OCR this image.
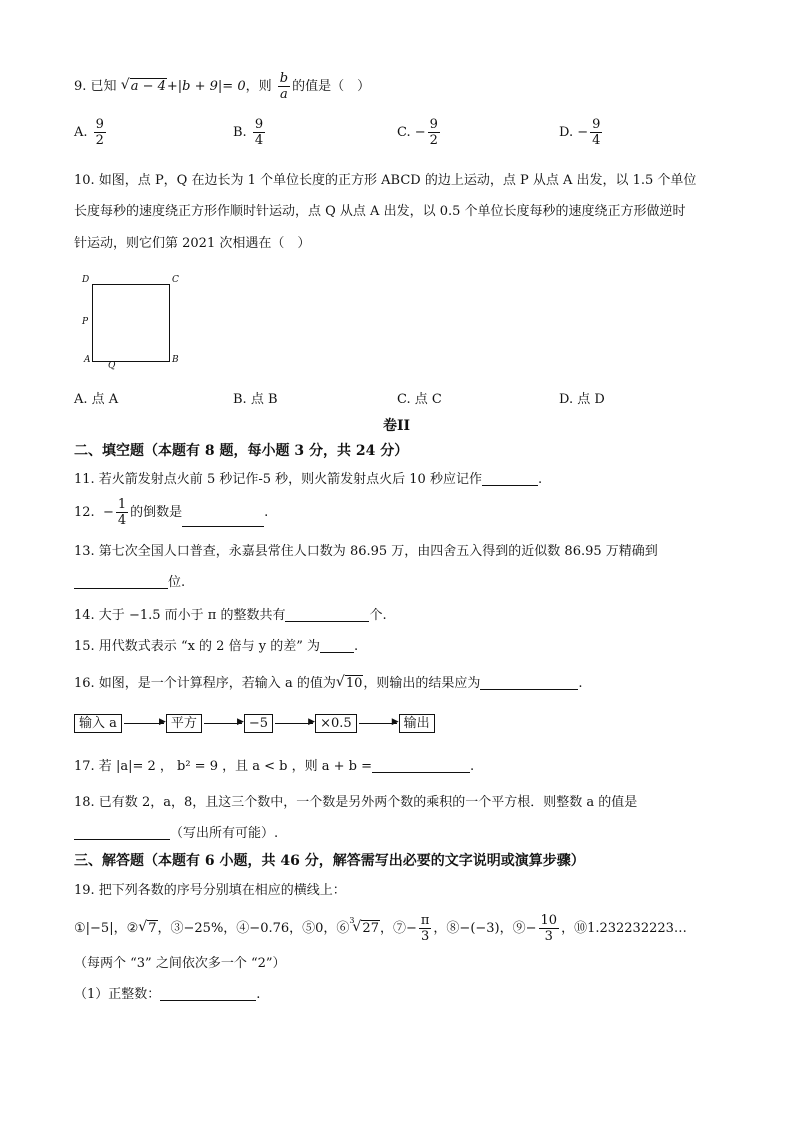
9. 已知 √ a − 4+|b + 9|= 0，则 $\frac{b}{a}$ 的值是（　）
A. $\frac{9}{2}$	B. $\frac{9}{4}$	C. − $\frac{9}{2}$	D. − $\frac{9}{4}$
10. 如图，点 P，Q 在边长为 1 个单位长度的正方形 ABCD 的边上运动，点 P 从点 A 出发，以 1.5 个单位
长度每秒的速度绕正方形作顺时针运动，点 Q 从点 A 出发，以 0.5 个单位长度每秒的速度绕正方形做逆时
针运动，则它们第 2021 次相遇在（　）
D	C
P
A
Q
B
A. 点 A	B. 点 B	C. 点 C	D. 点 D
卷II
二、填空题（本题有 8 题，每小题 3 分，共 24 分）
11. 若火箭发射点火前 5 秒记作-5 秒，则火箭发射点火后 10 秒应记作	.
12. − $\frac{1}{4}$ 的倒数是	.
13. 第七次全国人口普查，永嘉县常住人口数为 86.95 万，由四舍五入得到的近似数 86.95 万精确到
位.
14. 大于 −1.5 而小于 π 的整数共有	个.
15. 用代数式表示 “x 的 2 倍与 y 的差” 为	.
16. 如图，是一个计算程序，若输入 a 的值为 √ 10，则输出的结果应为	.
输入 a	▶ 平方	▶ −5	▶ ×0.5	▶ 输出
17. 若 |a|= 2 ， b² = 9 ，且 a < b ，则 a + b =	.
18. 已有数 2，a，8，且这三个数中，一个数是另外两个数的乘积的一个平方根．则整数 a 的值是
（写出所有可能）.
三、解答题（本题有 6 小题，共 46 分，解答需写出必要的文字说明或演算步骤）
19. 把下列各数的序号分别填在相应的横线上：
①|−5|，② √ 7，③−25%，④−0.76，⑤0，⑥
3
√ 27，⑦− $\frac{\pi}{3}$ ，⑧−(−3)，⑨− $\frac{10}{3}$ ，⑩1.232232223…
（每两个 “3” 之间依次多一个 “2”）
（1）正整数：	.
